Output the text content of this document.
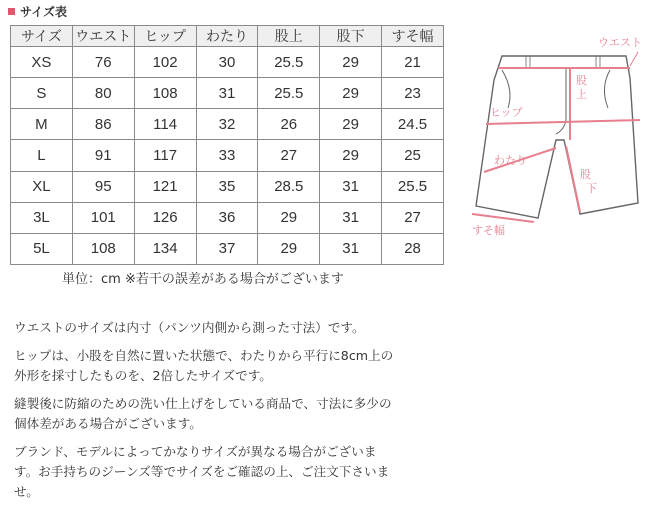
サイズ表
サイズ	ウエスト	ヒップ	わたり	股上	股下	すそ幅
XS	76	102	30	25.5	29	21
S	80	108	31	25.5	29	23
M	86	114	32	26	29	24.5
L	91	117	33	27	29	25
XL	95	121	35	28.5	31	25.5
3L	101	126	36	29	31	27
5L	108	134	37	29	31	28
単位：cm ※若干の誤差がある場合がございます

ウエストのサイズは内寸（パンツ内側から測った寸法）です。

ヒップは、小股を自然に置いた状態で、わたりから平行に8cm上の
外形を採寸したものを、2倍したサイズです。

縫製後に防縮のための洗い仕上げをしている商品で、寸法に多少の
個体差がある場合がございます。

ブランド、モデルによってかなりサイズが異なる場合がございま
す。お手持ちのジーンズ等でサイズをご確認の上、ご注文下さいま
せ。

ウエスト
股
上
ヒップ
わたり
股
下
すそ幅
